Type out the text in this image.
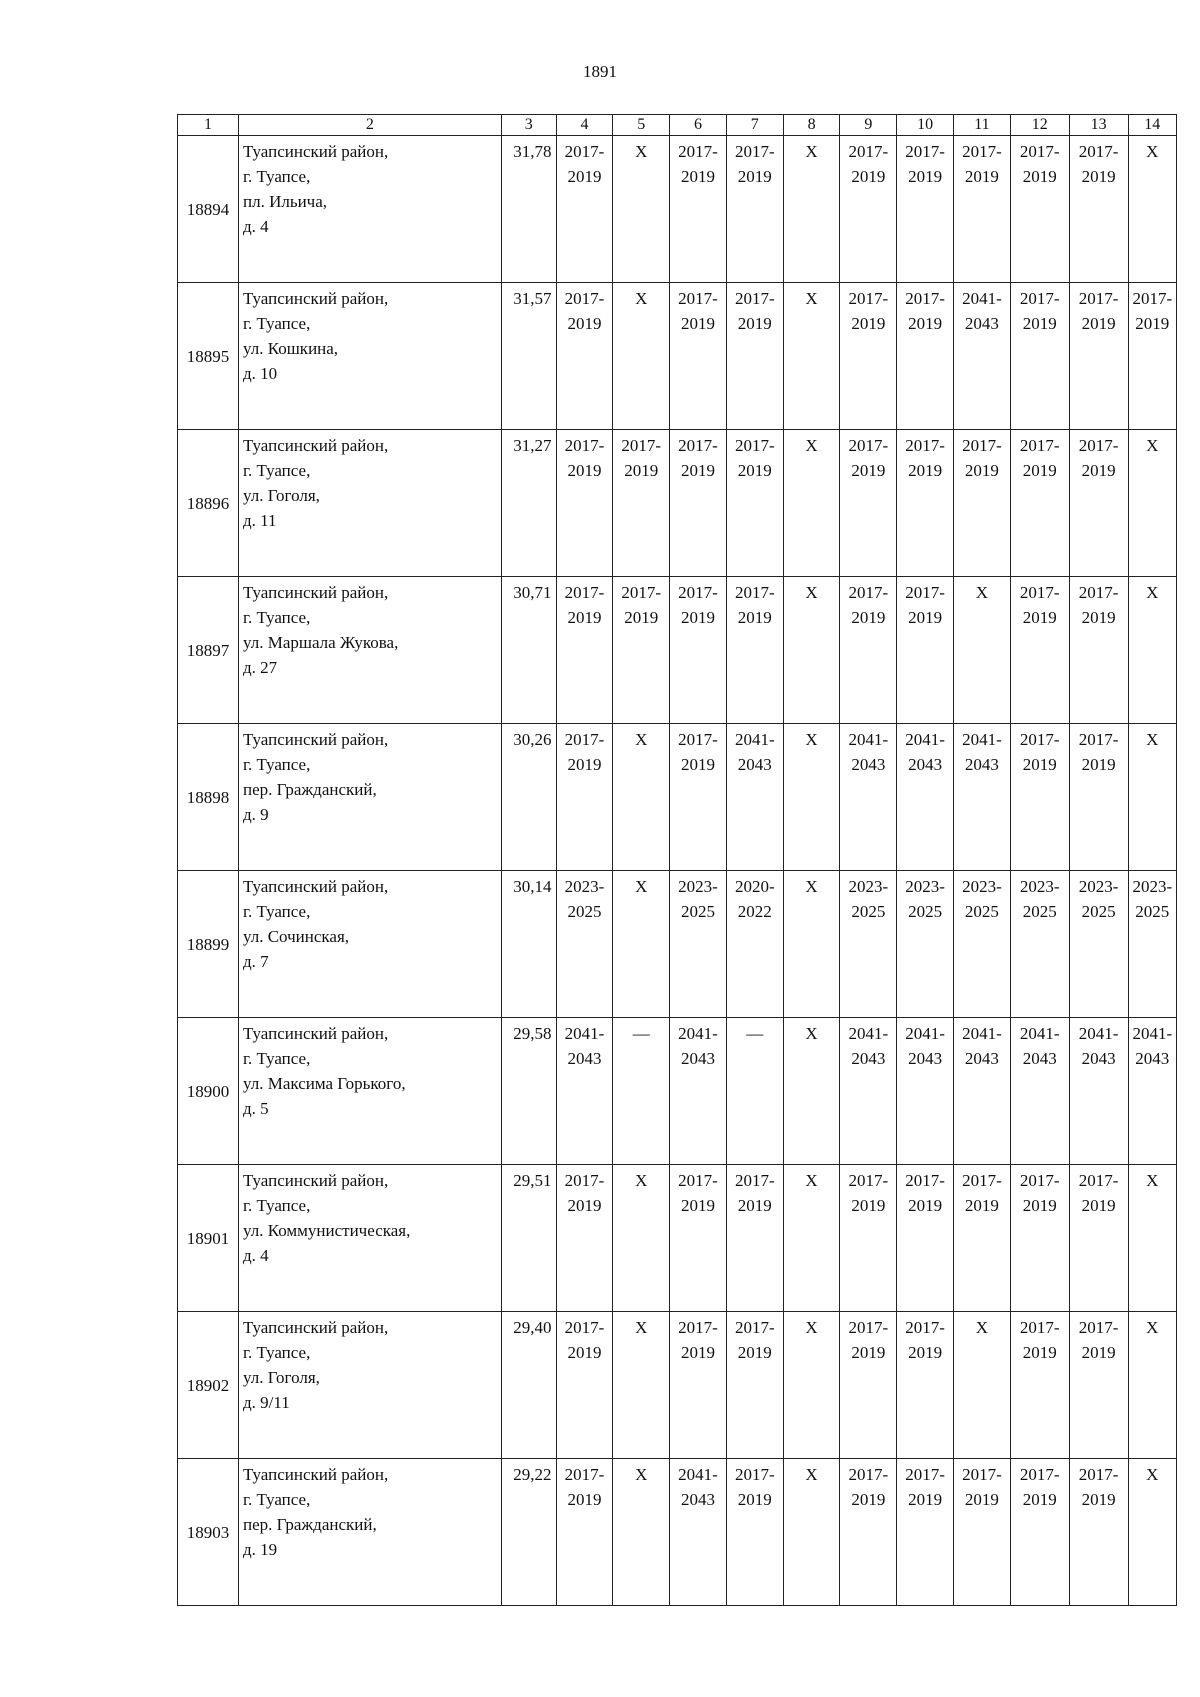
1891
1	2	3	4	5	6	7	8	9	10	11	12	13	14
18894	Туапсинский район,
г. Туапсе,
пл. Ильича,
д. 4	31,78	2017-
2019	Х	2017-
2019	2017-
2019	Х	2017-
2019	2017-
2019	2017-
2019	2017-
2019	2017-
2019	Х
18895	Туапсинский район,
г. Туапсе,
ул. Кошкина,
д. 10	31,57	2017-
2019	Х	2017-
2019	2017-
2019	Х	2017-
2019	2017-
2019	2041-
2043	2017-
2019	2017-
2019	2017-
2019
18896	Туапсинский район,
г. Туапсе,
ул. Гоголя,
д. 11	31,27	2017-
2019	2017-
2019	2017-
2019	2017-
2019	Х	2017-
2019	2017-
2019	2017-
2019	2017-
2019	2017-
2019	Х
18897	Туапсинский район,
г. Туапсе,
ул. Маршала Жукова,
д. 27	30,71	2017-
2019	2017-
2019	2017-
2019	2017-
2019	Х	2017-
2019	2017-
2019	Х	2017-
2019	2017-
2019	Х
18898	Туапсинский район,
г. Туапсе,
пер. Гражданский,
д. 9	30,26	2017-
2019	Х	2017-
2019	2041-
2043	Х	2041-
2043	2041-
2043	2041-
2043	2017-
2019	2017-
2019	Х
18899	Туапсинский район,
г. Туапсе,
ул. Сочинская,
д. 7	30,14	2023-
2025	Х	2023-
2025	2020-
2022	Х	2023-
2025	2023-
2025	2023-
2025	2023-
2025	2023-
2025	2023-
2025
18900	Туапсинский район,
г. Туапсе,
ул. Максима Горького,
д. 5	29,58	2041-
2043	—	2041-
2043	—	Х	2041-
2043	2041-
2043	2041-
2043	2041-
2043	2041-
2043	2041-
2043
18901	Туапсинский район,
г. Туапсе,
ул. Коммунистическая,
д. 4	29,51	2017-
2019	Х	2017-
2019	2017-
2019	Х	2017-
2019	2017-
2019	2017-
2019	2017-
2019	2017-
2019	Х
18902	Туапсинский район,
г. Туапсе,
ул. Гоголя,
д. 9/11	29,40	2017-
2019	Х	2017-
2019	2017-
2019	Х	2017-
2019	2017-
2019	Х	2017-
2019	2017-
2019	Х
18903	Туапсинский район,
г. Туапсе,
пер. Гражданский,
д. 19	29,22	2017-
2019	Х	2041-
2043	2017-
2019	Х	2017-
2019	2017-
2019	2017-
2019	2017-
2019	2017-
2019	Х
